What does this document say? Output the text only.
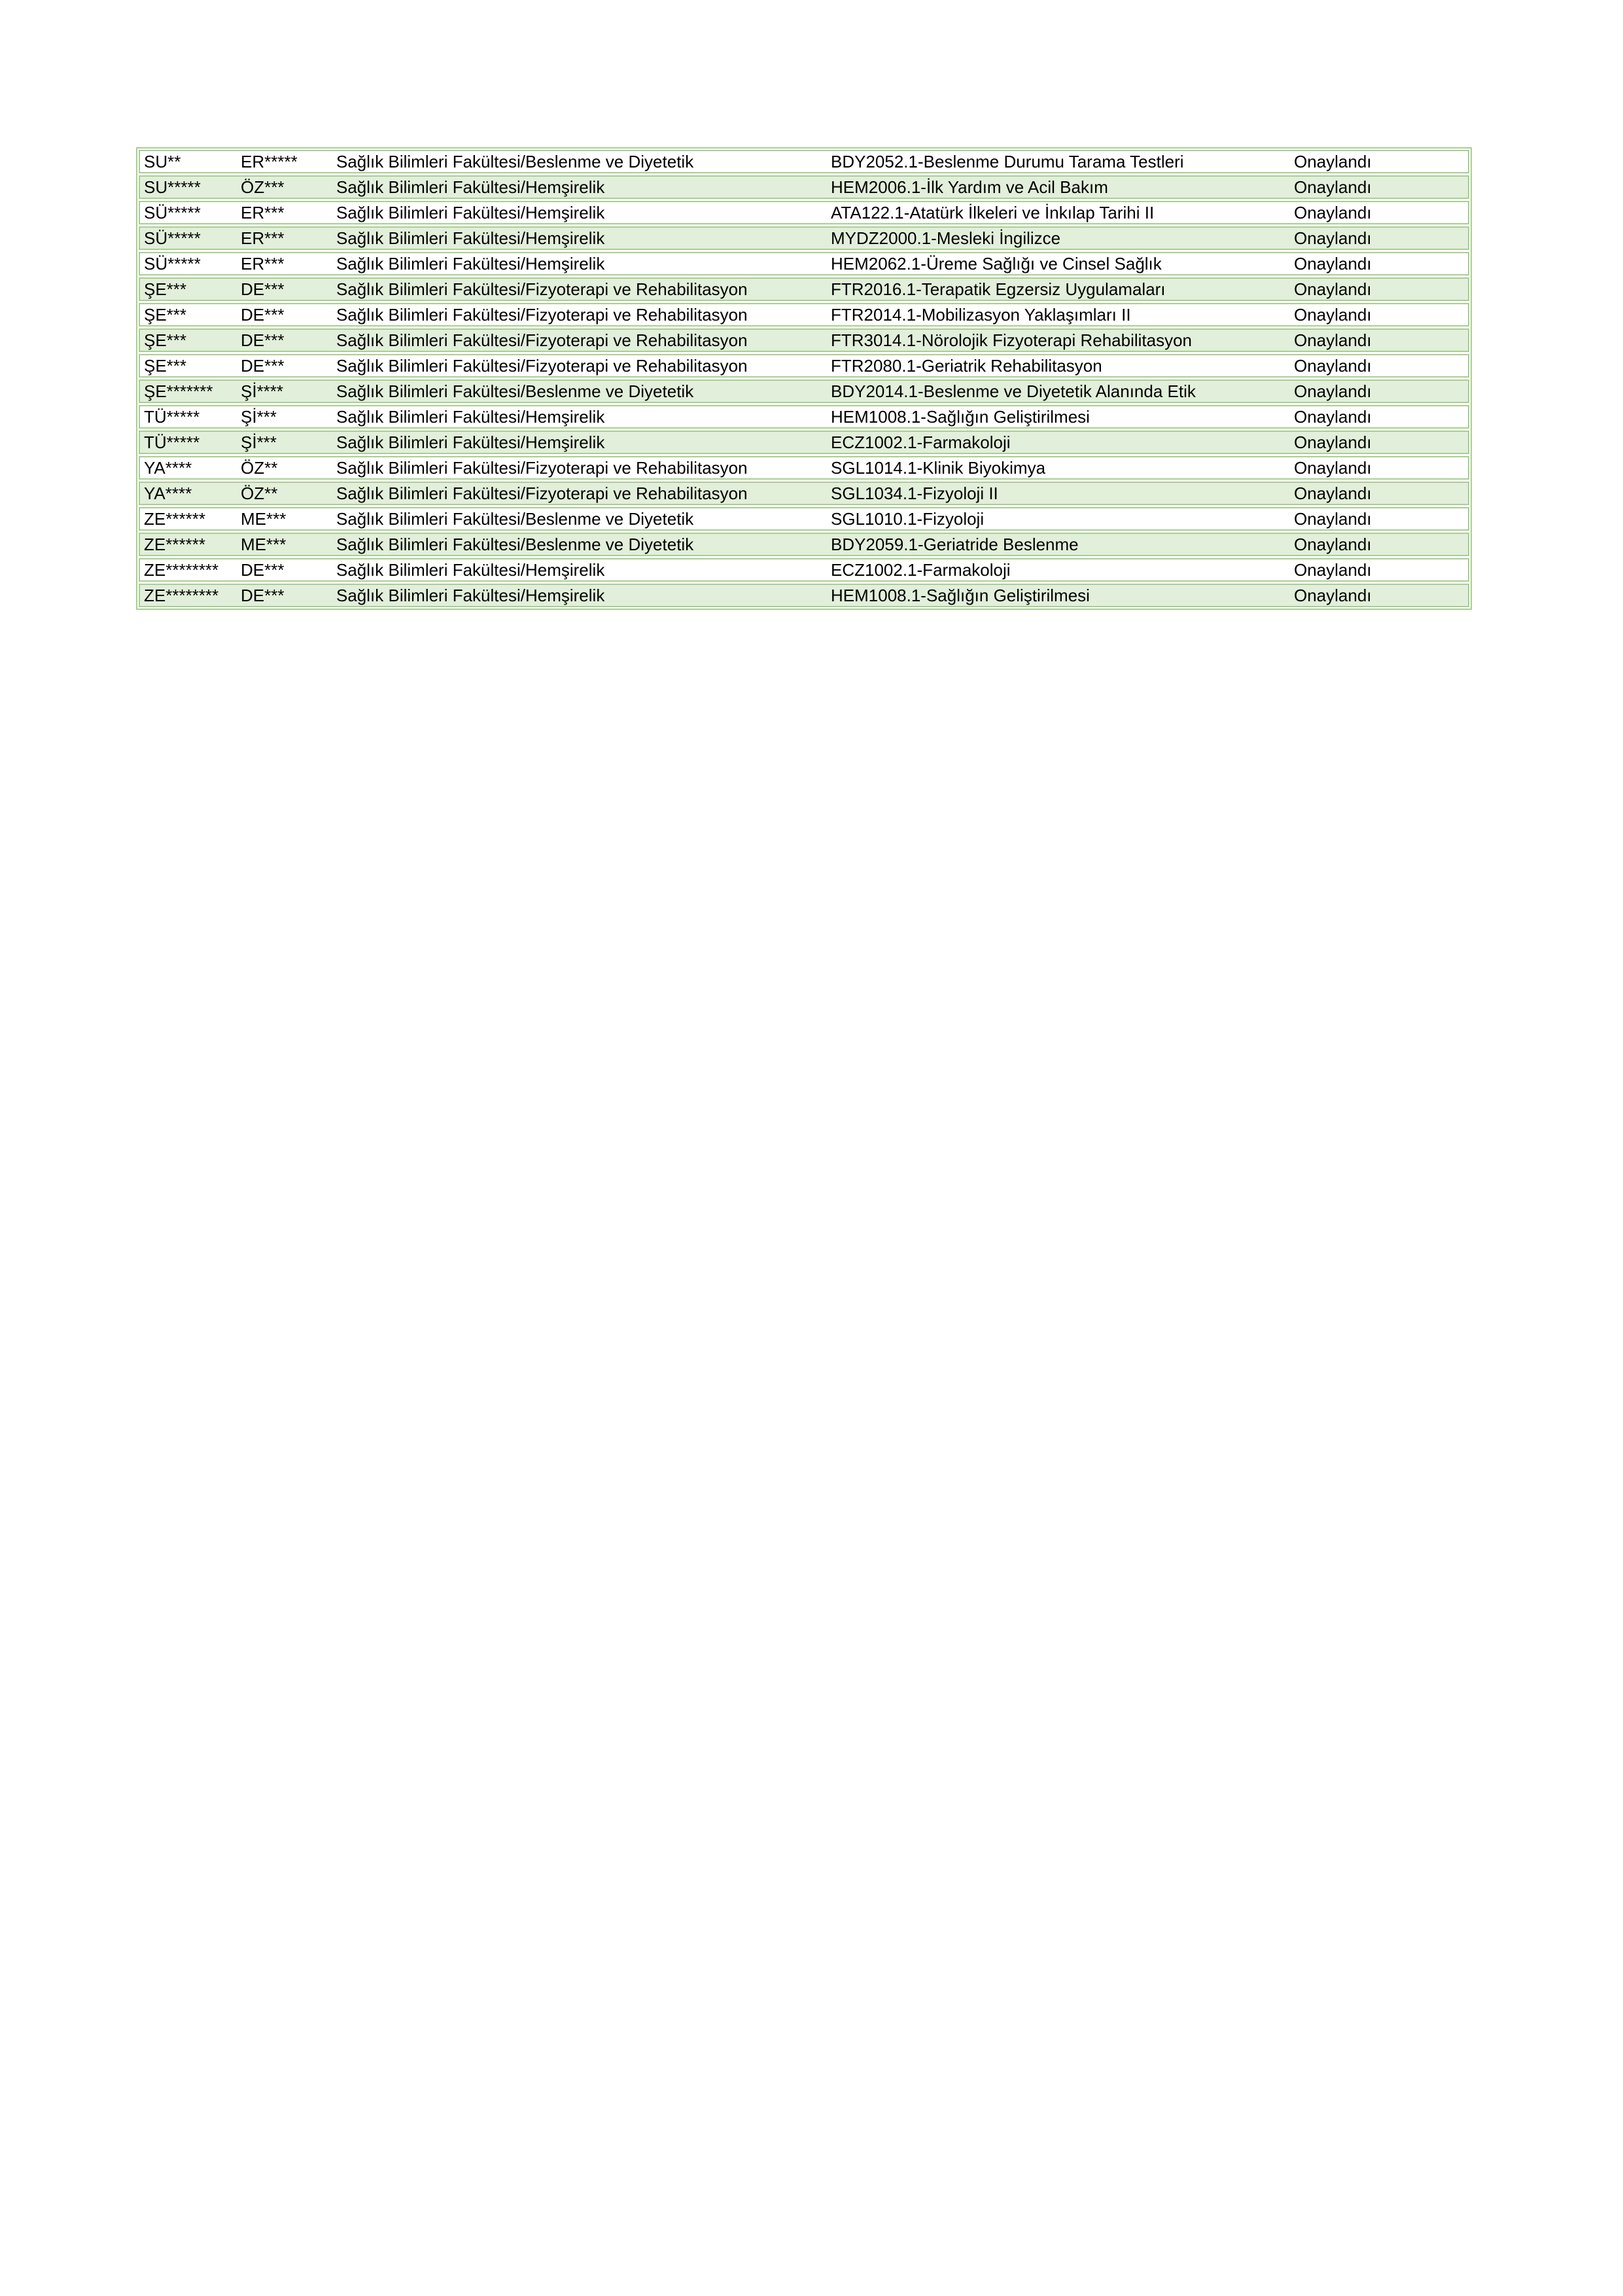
SU**	ER*****	Sağlık Bilimleri Fakültesi/Beslenme ve Diyetetik	BDY2052.1-Beslenme Durumu Tarama Testleri	Onaylandı
SU*****	ÖZ***	Sağlık Bilimleri Fakültesi/Hemşirelik	HEM2006.1-İlk Yardım ve Acil Bakım	Onaylandı
SÜ*****	ER***	Sağlık Bilimleri Fakültesi/Hemşirelik	ATA122.1-Atatürk İlkeleri ve İnkılap Tarihi II	Onaylandı
SÜ*****	ER***	Sağlık Bilimleri Fakültesi/Hemşirelik	MYDZ2000.1-Mesleki İngilizce	Onaylandı
SÜ*****	ER***	Sağlık Bilimleri Fakültesi/Hemşirelik	HEM2062.1-Üreme Sağlığı ve Cinsel Sağlık	Onaylandı
ŞE***	DE***	Sağlık Bilimleri Fakültesi/Fizyoterapi ve Rehabilitasyon	FTR2016.1-Terapatik Egzersiz Uygulamaları	Onaylandı
ŞE***	DE***	Sağlık Bilimleri Fakültesi/Fizyoterapi ve Rehabilitasyon	FTR2014.1-Mobilizasyon Yaklaşımları II	Onaylandı
ŞE***	DE***	Sağlık Bilimleri Fakültesi/Fizyoterapi ve Rehabilitasyon	FTR3014.1-Nörolojik Fizyoterapi Rehabilitasyon	Onaylandı
ŞE***	DE***	Sağlık Bilimleri Fakültesi/Fizyoterapi ve Rehabilitasyon	FTR2080.1-Geriatrik Rehabilitasyon	Onaylandı
ŞE*******	Şİ****	Sağlık Bilimleri Fakültesi/Beslenme ve Diyetetik	BDY2014.1-Beslenme ve Diyetetik Alanında Etik	Onaylandı
TÜ*****	Şİ***	Sağlık Bilimleri Fakültesi/Hemşirelik	HEM1008.1-Sağlığın Geliştirilmesi	Onaylandı
TÜ*****	Şİ***	Sağlık Bilimleri Fakültesi/Hemşirelik	ECZ1002.1-Farmakoloji	Onaylandı
YA****	ÖZ**	Sağlık Bilimleri Fakültesi/Fizyoterapi ve Rehabilitasyon	SGL1014.1-Klinik Biyokimya	Onaylandı
YA****	ÖZ**	Sağlık Bilimleri Fakültesi/Fizyoterapi ve Rehabilitasyon	SGL1034.1-Fizyoloji II	Onaylandı
ZE******	ME***	Sağlık Bilimleri Fakültesi/Beslenme ve Diyetetik	SGL1010.1-Fizyoloji	Onaylandı
ZE******	ME***	Sağlık Bilimleri Fakültesi/Beslenme ve Diyetetik	BDY2059.1-Geriatride Beslenme	Onaylandı
ZE********	DE***	Sağlık Bilimleri Fakültesi/Hemşirelik	ECZ1002.1-Farmakoloji	Onaylandı
ZE********	DE***	Sağlık Bilimleri Fakültesi/Hemşirelik	HEM1008.1-Sağlığın Geliştirilmesi	Onaylandı
